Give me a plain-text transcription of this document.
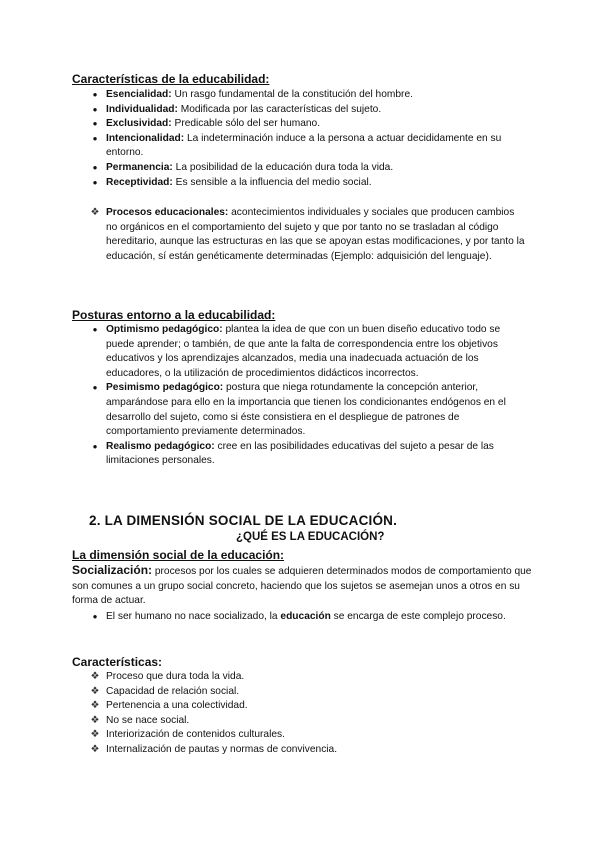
Características de la educabilidad:
● Esencialidad: Un rasgo fundamental de la constitución del hombre.
● Individualidad: Modificada por las características del sujeto.
● Exclusividad: Predicable sólo del ser humano.
● Intencionalidad: La indeterminación induce a la persona a actuar decididamente en su entorno.
● Permanencia: La posibilidad de la educación dura toda la vida.
● Receptividad: Es sensible a la influencia del medio social.
❖ Procesos educacionales: acontecimientos individuales y sociales que producen cambios no orgánicos en el comportamiento del sujeto y que por tanto no se trasladan al código hereditario, aunque las estructuras en las que se apoyan estas modificaciones, y por tanto la educación, sí están genéticamente determinadas (Ejemplo: adquisición del lenguaje).
Posturas entorno a la educabilidad:
● Optimismo pedagógico: plantea la idea de que con un buen diseño educativo todo se puede aprender; o también, de que ante la falta de correspondencia entre los objetivos educativos y los aprendizajes alcanzados, media una inadecuada actuación de los educadores, o la utilización de procedimientos didácticos incorrectos.
● Pesimismo pedagógico: postura que niega rotundamente la concepción anterior, amparándose para ello en la importancia que tienen los condicionantes endógenos en el desarrollo del sujeto, como si éste consistiera en el despliegue de patrones de comportamiento previamente determinados.
● Realismo pedagógico: cree en las posibilidades educativas del sujeto a pesar de las limitaciones personales.
2. LA DIMENSIÓN SOCIAL DE LA EDUCACIÓN.
¿QUÉ ES LA EDUCACIÓN?
La dimensión social de la educación:

Socialización: procesos por los cuales se adquieren determinados modos de comportamiento que son comunes a un grupo social concreto, haciendo que los sujetos se asemejan unos a otros en su forma de actuar.

● El ser humano no nace socializado, la educación se encarga de este complejo proceso.
Características:
❖ Proceso que dura toda la vida.
❖ Capacidad de relación social.
❖ Pertenencia a una colectividad.
❖ No se nace social.
❖ Interiorización de contenidos culturales.
❖ Internalización de pautas y normas de convivencia.
